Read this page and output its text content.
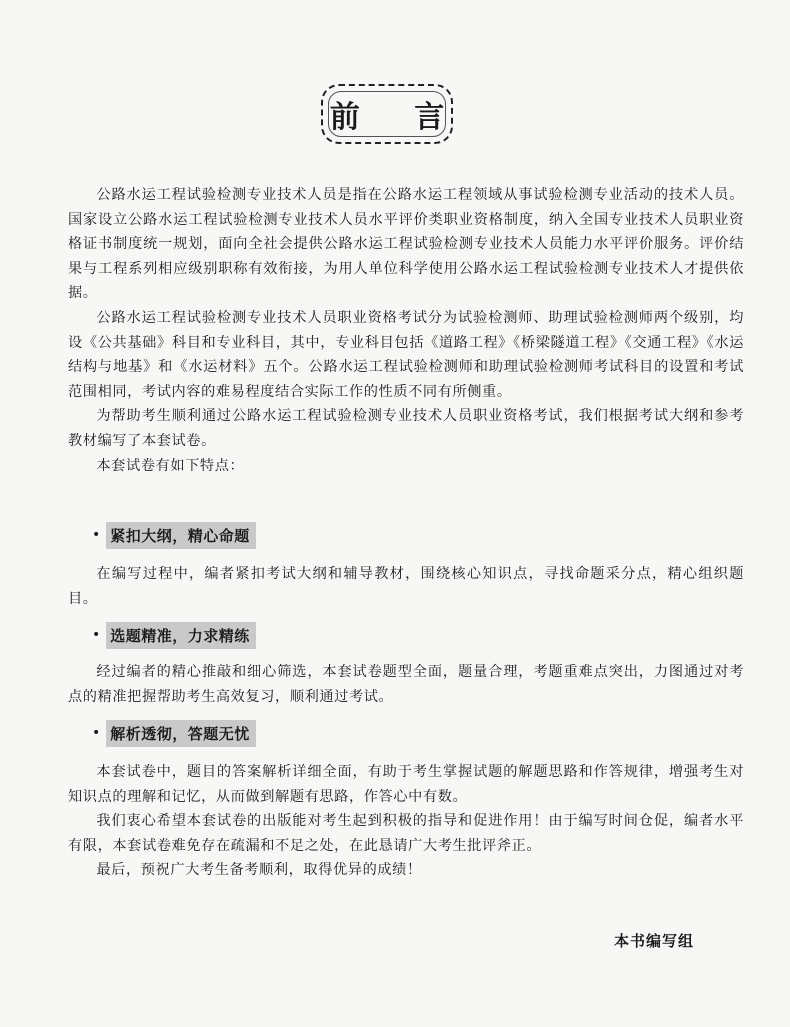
前 言

公路水运工程试验检测专业技术人员是指在公路水运工程领域从事试验检测专业活动的技术人员。国家设立公路水运工程试验检测专业技术人员水平评价类职业资格制度，纳入全国专业技术人员职业资格证书制度统一规划，面向全社会提供公路水运工程试验检测专业技术人员能力水平评价服务。评价结果与工程系列相应级别职称有效衔接，为用人单位科学使用公路水运工程试验检测专业技术人才提供依据。

公路水运工程试验检测专业技术人员职业资格考试分为试验检测师、助理试验检测师两个级别，均设《公共基础》科目和专业科目，其中，专业科目包括《道路工程》《桥梁隧道工程》《交通工程》《水运结构与地基》和《水运材料》五个。公路水运工程试验检测师和助理试验检测师考试科目的设置和考试范围相同，考试内容的难易程度结合实际工作的性质不同有所侧重。

为帮助考生顺利通过公路水运工程试验检测专业技术人员职业资格考试，我们根据考试大纲和参考教材编写了本套试卷。

本套试卷有如下特点：

• 紧扣大纲，精心命题

在编写过程中，编者紧扣考试大纲和辅导教材，围绕核心知识点，寻找命题采分点，精心组织题目。

• 选题精准，力求精练

经过编者的精心推敲和细心筛选，本套试卷题型全面，题量合理，考题重难点突出，力图通过对考点的精准把握帮助考生高效复习，顺利通过考试。

• 解析透彻，答题无忧

本套试卷中，题目的答案解析详细全面，有助于考生掌握试题的解题思路和作答规律，增强考生对知识点的理解和记忆，从而做到解题有思路，作答心中有数。

我们衷心希望本套试卷的出版能对考生起到积极的指导和促进作用！由于编写时间仓促，编者水平有限，本套试卷难免存在疏漏和不足之处，在此恳请广大考生批评斧正。

最后，预祝广大考生备考顺利，取得优异的成绩！

本书编写组
